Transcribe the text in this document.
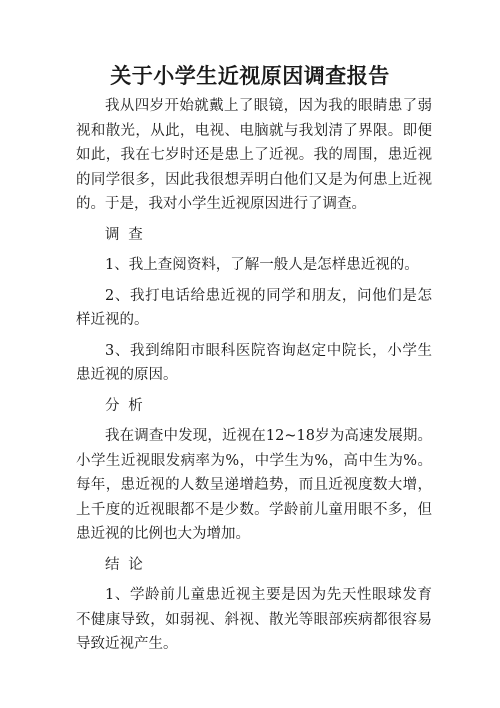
关于小学生近视原因调查报告

我从四岁开始就戴上了眼镜，因为我的眼睛患了弱视和散光，从此，电视、电脑就与我划清了界限。即便如此，我在七岁时还是患上了近视。我的周围，患近视的同学很多，因此我很想弄明白他们又是为何患上近视的。于是，我对小学生近视原因进行了调查。

调查

1、我上查阅资料，了解一般人是怎样患近视的。

2、我打电话给患近视的同学和朋友，问他们是怎样近视的。

3、我到绵阳市眼科医院咨询赵定中院长，小学生患近视的原因。

分析

我在调查中发现，近视在12~18岁为高速发展期。小学生近视眼发病率为%，中学生为%，高中生为%。每年，患近视的人数呈递增趋势，而且近视度数大增，上千度的近视眼都不是少数。学龄前儿童用眼不多，但患近视的比例也大为增加。

结论

1、学龄前儿童患近视主要是因为先天性眼球发育不健康导致，如弱视、斜视、散光等眼部疾病都很容易导致近视产生。
